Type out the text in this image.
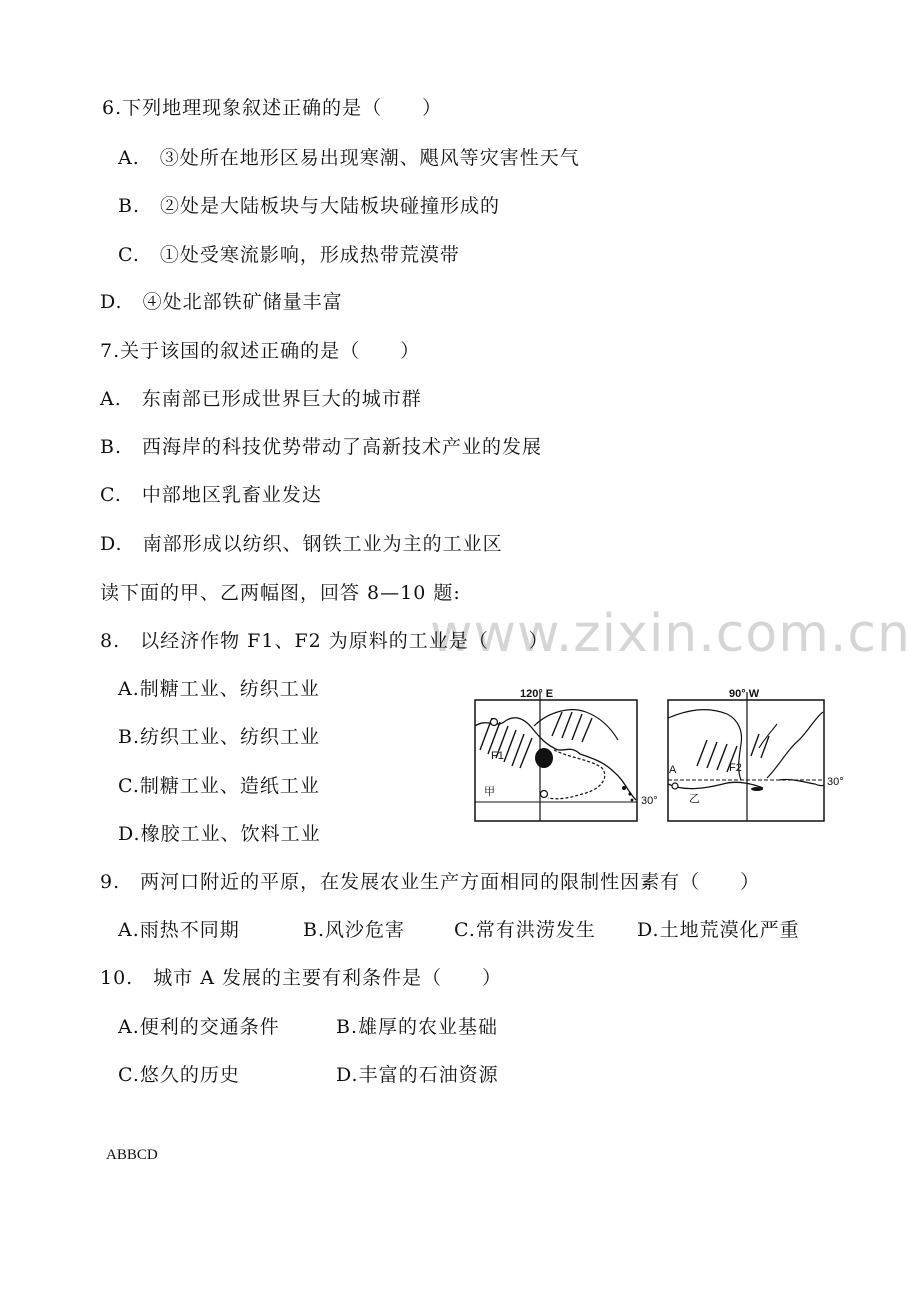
6.下列地理现象叙述正确的是（　　）
A.　③处所在地形区易出现寒潮、飓风等灾害性天气
B.　②处是大陆板块与大陆板块碰撞形成的
C.　①处受寒流影响，形成热带荒漠带
D.　④处北部铁矿储量丰富
7.关于该国的叙述正确的是（　　）
A.　东南部已形成世界巨大的城市群
B.　西海岸的科技优势带动了高新技术产业的发展
C.　中部地区乳畜业发达
D.　南部形成以纺织、钢铁工业为主的工业区
读下面的甲、乙两幅图，回答 8—10 题:
www.zixin.com.cn
8.　以经济作物 F1、F2 为原料的工业是（　　）
A.制糖工业、纺织工业
B.纺织工业、纺织工业
C.制糖工业、造纸工业
D.橡胶工业、饮料工业
120° E
F1
甲
30°
90° W
A	F2
乙
30°
9.　两河口附近的平原，在发展农业生产方面相同的限制性因素有（　　）
A.雨热不同期	B.风沙危害	C.常有洪涝发生 D.土地荒漠化严重
10.　城市 A 发展的主要有利条件是（　　）
A.便利的交通条件	B.雄厚的农业基础
C.悠久的历史	D.丰富的石油资源
ABBCD
